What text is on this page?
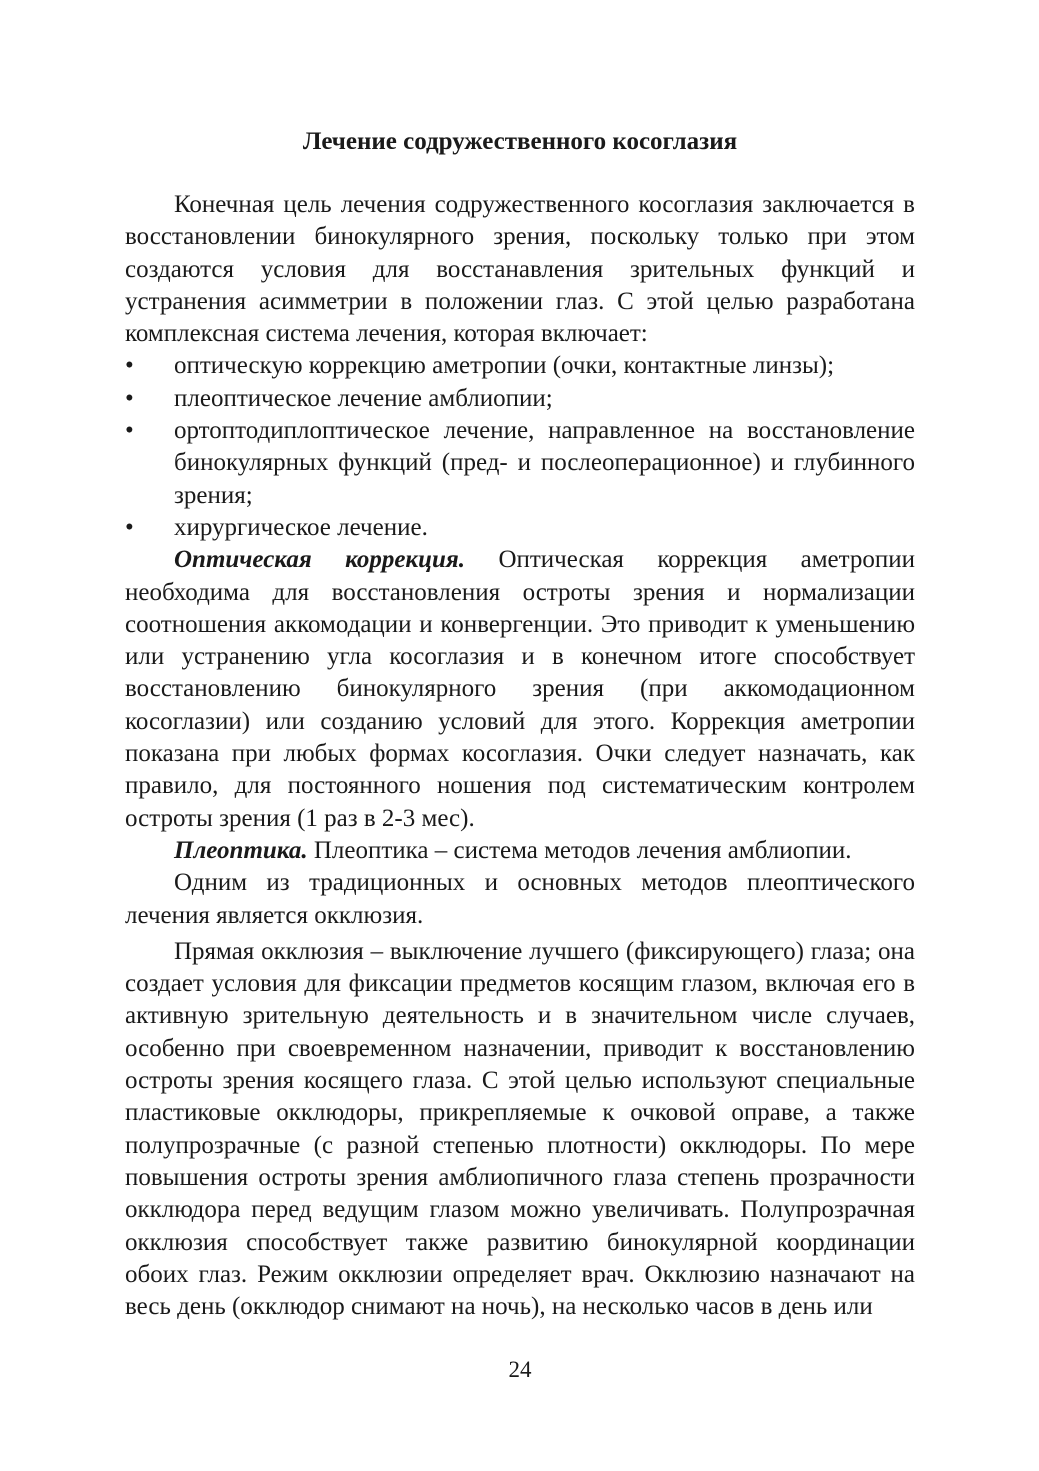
Лечение содружественного косоглазия

Конечная цель лечения содружественного косоглазия заключается в восстановлении бинокулярного зрения, поскольку только при этом создаются условия для восстанавления зрительных функций и устранения асимметрии в положении глаз. С этой целью разработана комплексная система лечения, которая включает:

• оптическую коррекцию аметропии (очки, контактные линзы);
• плеоптическое лечение амблиопии;
• ортоптодиплоптическое лечение, направленное на восстановление бинокулярных функций (пред- и послеоперационное) и глубинного зрения;
• хирургическое лечение.

Оптическая коррекция. Оптическая коррекция аметропии необходима для восстановления остроты зрения и нормализации соотношения аккомодации и конвергенции. Это приводит к уменьшению или устранению угла косоглазия и в конечном итоге способствует восстановлению бинокулярного зрения (при аккомодационном косоглазии) или созданию условий для этого. Коррекция аметропии показана при любых формах косоглазия. Очки следует назначать, как правило, для постоянного ношения под систематическим контролем остроты зрения (1 раз в 2-3 мес).

Плеоптика. Плеоптика – система методов лечения амблиопии.

Одним из традиционных и основных методов плеоптического лечения является окклюзия.

Прямая окклюзия – выключение лучшего (фиксирующего) глаза; она создает условия для фиксации предметов косящим глазом, включая его в активную зрительную деятельность и в значительном числе случаев, особенно при своевременном назначении, приводит к восстановлению остроты зрения косящего глаза. С этой целью используют специальные пластиковые окклюдоры, прикрепляемые к очковой оправе, а также полупрозрачные (с разной степенью плотности) окклюдоры. По мере повышения остроты зрения амблиопичного глаза степень прозрачности окклюдора перед ведущим глазом можно увеличивать. Полупрозрачная окклюзия способствует также развитию бинокулярной координации обоих глаз. Режим окклюзии определяет врач. Окклюзию назначают на весь день (окклюдор снимают на ночь), на несколько часов в день или

24
